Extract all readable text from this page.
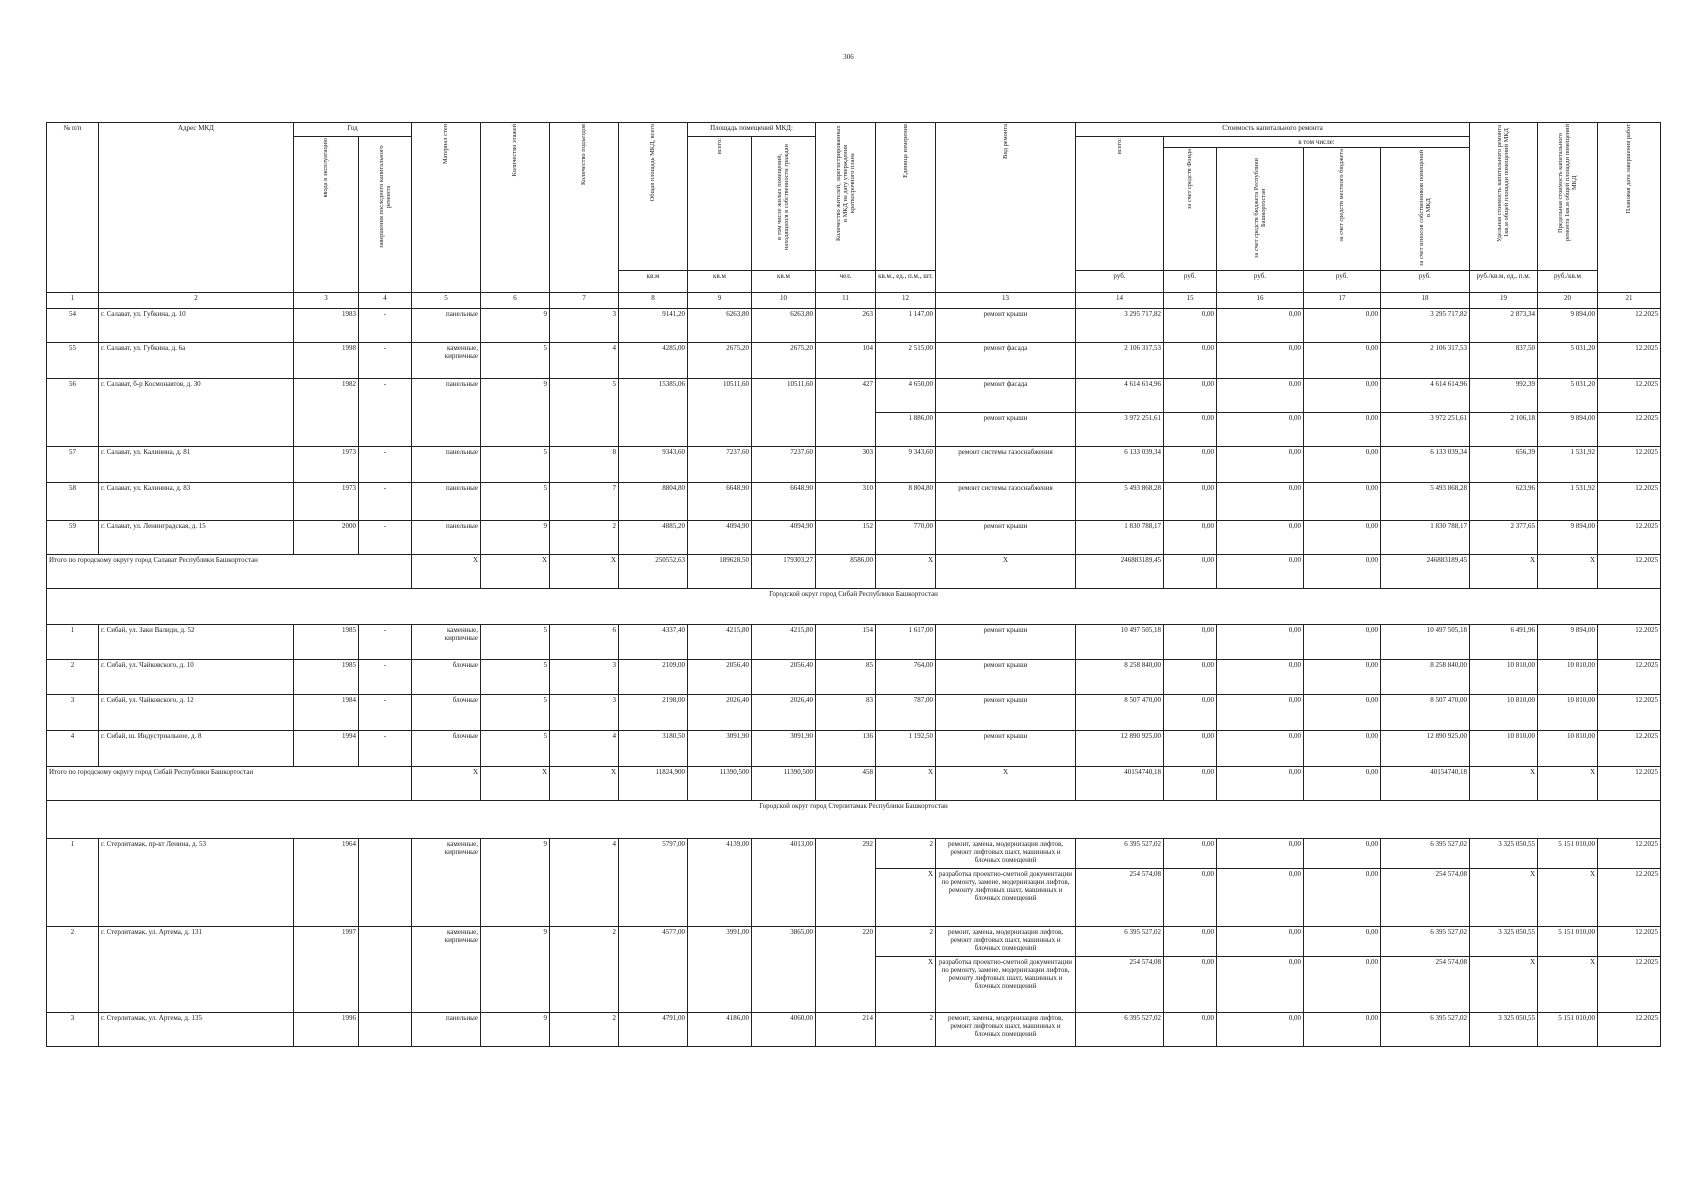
306
№ п/п	Адрес МКД	Год		Материал стен	Количество этажей	Количество подъездов	Общая площадь МКД, всего	Площадь помещений МКД:		Количество жителей, зарегистрированных в МКД на дату утверждения краткосрочного плана	Единица измерения	Вид ремонта	Стоимость капитального ремонта					Удельная стоимость капитального ремонта 1кв.м общей площади помещений МКД	Предельная стоимость капитального ремонта 1кв.м общей площади помещений МКД	Плановая дата завершения работ
		ввода в эксплуатацию	завершения последнего капитального ремонта					всего:	в том числе жилых помещений, находящихся в собственности граждан				всего:	в том числе:						
														за счет средств Фонда	за счет средств бюджета Республики Башкортостан	за счет средств местного бюджета	за счет взносов собственников помещений в МКД			
							кв.м	кв.м	кв.м	чел.	кв.м., ед., п.м., шт.		руб.	руб.	руб.	руб.	руб.	руб./кв.м, ед., п.м.	руб./кв.м	
1	2	3	4	5	6	7	8	9	10	11	12	13	14	15	16	17	18	19	20	21
54	г. Салават, ул. Губкина, д. 10	1983	-	панельные	9	3	9141,20	6263,80	6263,80	263	1 147,00	ремонт крыши	3 295 717,82	0,00	0,00	0,00	3 295 717,82	2 873,34	9 894,00	12.2025
55	г. Салават, ул. Губкина, д. 6а	1998	-	каменные, кирпичные	5	4	4285,00	2675,20	2675,20	104	2 515,00	ремонт фасада	2 106 317,53	0,00	0,00	0,00	2 106 317,53	837,50	5 031,20	12.2025
56	г. Салават, б-р Космонавтов, д. 30	1982	-	панельные	9	5	15385,06	10511,60	10511,60	427	4 650,00	ремонт фасада	4 614 614,96	0,00	0,00	0,00	4 614 614,96	992,39	5 031,20	12.2025
											1 886,00	ремонт крыши	3 972 251,61	0,00	0,00	0,00	3 972 251,61	2 106,18	9 894,00	12.2025
57	г. Салават, ул. Калинина, д. 81	1973	-	панельные	5	8	9343,60	7237,60	7237,60	303	9 343,60	ремонт системы газоснабжения	6 133 039,34	0,00	0,00	0,00	6 133 039,34	656,39	1 531,92	12.2025
58	г. Салават, ул. Калинина, д. 83	1973	-	панельные	5	7	8804,80	6648,90	6648,90	310	8 804,80	ремонт системы газоснабжения	5 493 868,28	0,00	0,00	0,00	5 493 868,28	623,96	1 531,92	12.2025
59	г. Салават, ул. Ленинградская, д. 15	2000	-	панельные	9	2	4885,20	4094,90	4094,90	152	770,00	ремонт крыши	1 830 788,17	0,00	0,00	0,00	1 830 788,17	2 377,65	9 894,00	12.2025
Итого по городскому округу город Салават Республики Башкортостан				X	X	X	250552,63	189628,50	179303,27	8586,00	X	X	246883189,45	0,00	0,00	0,00	246883189,45	X	X	12.2025
Городской округ город Сибай Республики Башкортостан																				
1	г. Сибай, ул. Заки Валиди, д. 52	1985	-	каменные, кирпичные	5	6	4337,40	4215,80	4215,80	154	1 617,00	ремонт крыши	10 497 505,18	0,00	0,00	0,00	10 497 505,18	6 491,96	9 894,00	12.2025
2	г. Сибай, ул. Чайковского, д. 10	1985	-	блочные	5	3	2109,00	2056,40	2056,40	85	764,00	ремонт крыши	8 258 840,00	0,00	0,00	0,00	8 258 840,00	10 810,00	10 810,00	12.2025
3	г. Сибай, ул. Чайковского, д. 12	1984	-	блочные	5	3	2198,00	2026,40	2026,40	83	787,00	ремонт крыши	8 507 470,00	0,00	0,00	0,00	8 507 470,00	10 810,00	10 810,00	12.2025
4	г. Сибай, ш. Индустриальное, д. 8	1994	-	блочные	5	4	3180,50	3091,90	3091,90	136	1 192,50	ремонт крыши	12 890 925,00	0,00	0,00	0,00	12 890 925,00	10 810,00	10 810,00	12.2025
Итого по городскому округу город Сибай Республики Башкортостан				X	X	X	11824,900	11390,500	11390,500	458	X	X	40154740,18	0,00	0,00	0,00	40154740,18	X	X	12.2025
Городской округ город Стерлитамак Республики Башкортостан																				
1	г. Стерлитамак, пр-кт Ленина, д. 53	1964		каменные, кирпичные	9	4	5797,00	4139,00	4013,00	292	2	ремонт, замена, модернизация лифтов, ремонт лифтовых шахт, машинных и блочных помещений	6 395 527,02	0,00	0,00	0,00	6 395 527,02	3 325 050,55	5 151 010,00	12.2025
											X	разработка проектно-сметной документации по ремонту, замене, модернизации лифтов, ремонту лифтовых шахт, машинных и блочных помещений	254 574,08	0,00	0,00	0,00	254 574,08	X	X	12.2025
2	г. Стерлитамак, ул. Артема, д. 131	1997		каменные, кирпичные	9	2	4577,00	3991,00	3865,00	220	2	ремонт, замена, модернизация лифтов, ремонт лифтовых шахт, машинных и блочных помещений	6 395 527,02	0,00	0,00	0,00	6 395 527,02	3 325 050,55	5 151 010,00	12.2025
											X	разработка проектно-сметной документации по ремонту, замене, модернизации лифтов, ремонту лифтовых шахт, машинных и блочных помещений	254 574,08	0,00	0,00	0,00	254 574,08	X	X	12.2025
3	г. Стерлитамак, ул. Артема, д. 135	1996		панельные	9	2	4791,00	4186,00	4060,00	214	2	ремонт, замена, модернизация лифтов, ремонт лифтовых шахт, машинных и блочных помещений	6 395 527,02	0,00	0,00	0,00	6 395 527,02	3 325 050,55	5 151 010,00	12.2025
